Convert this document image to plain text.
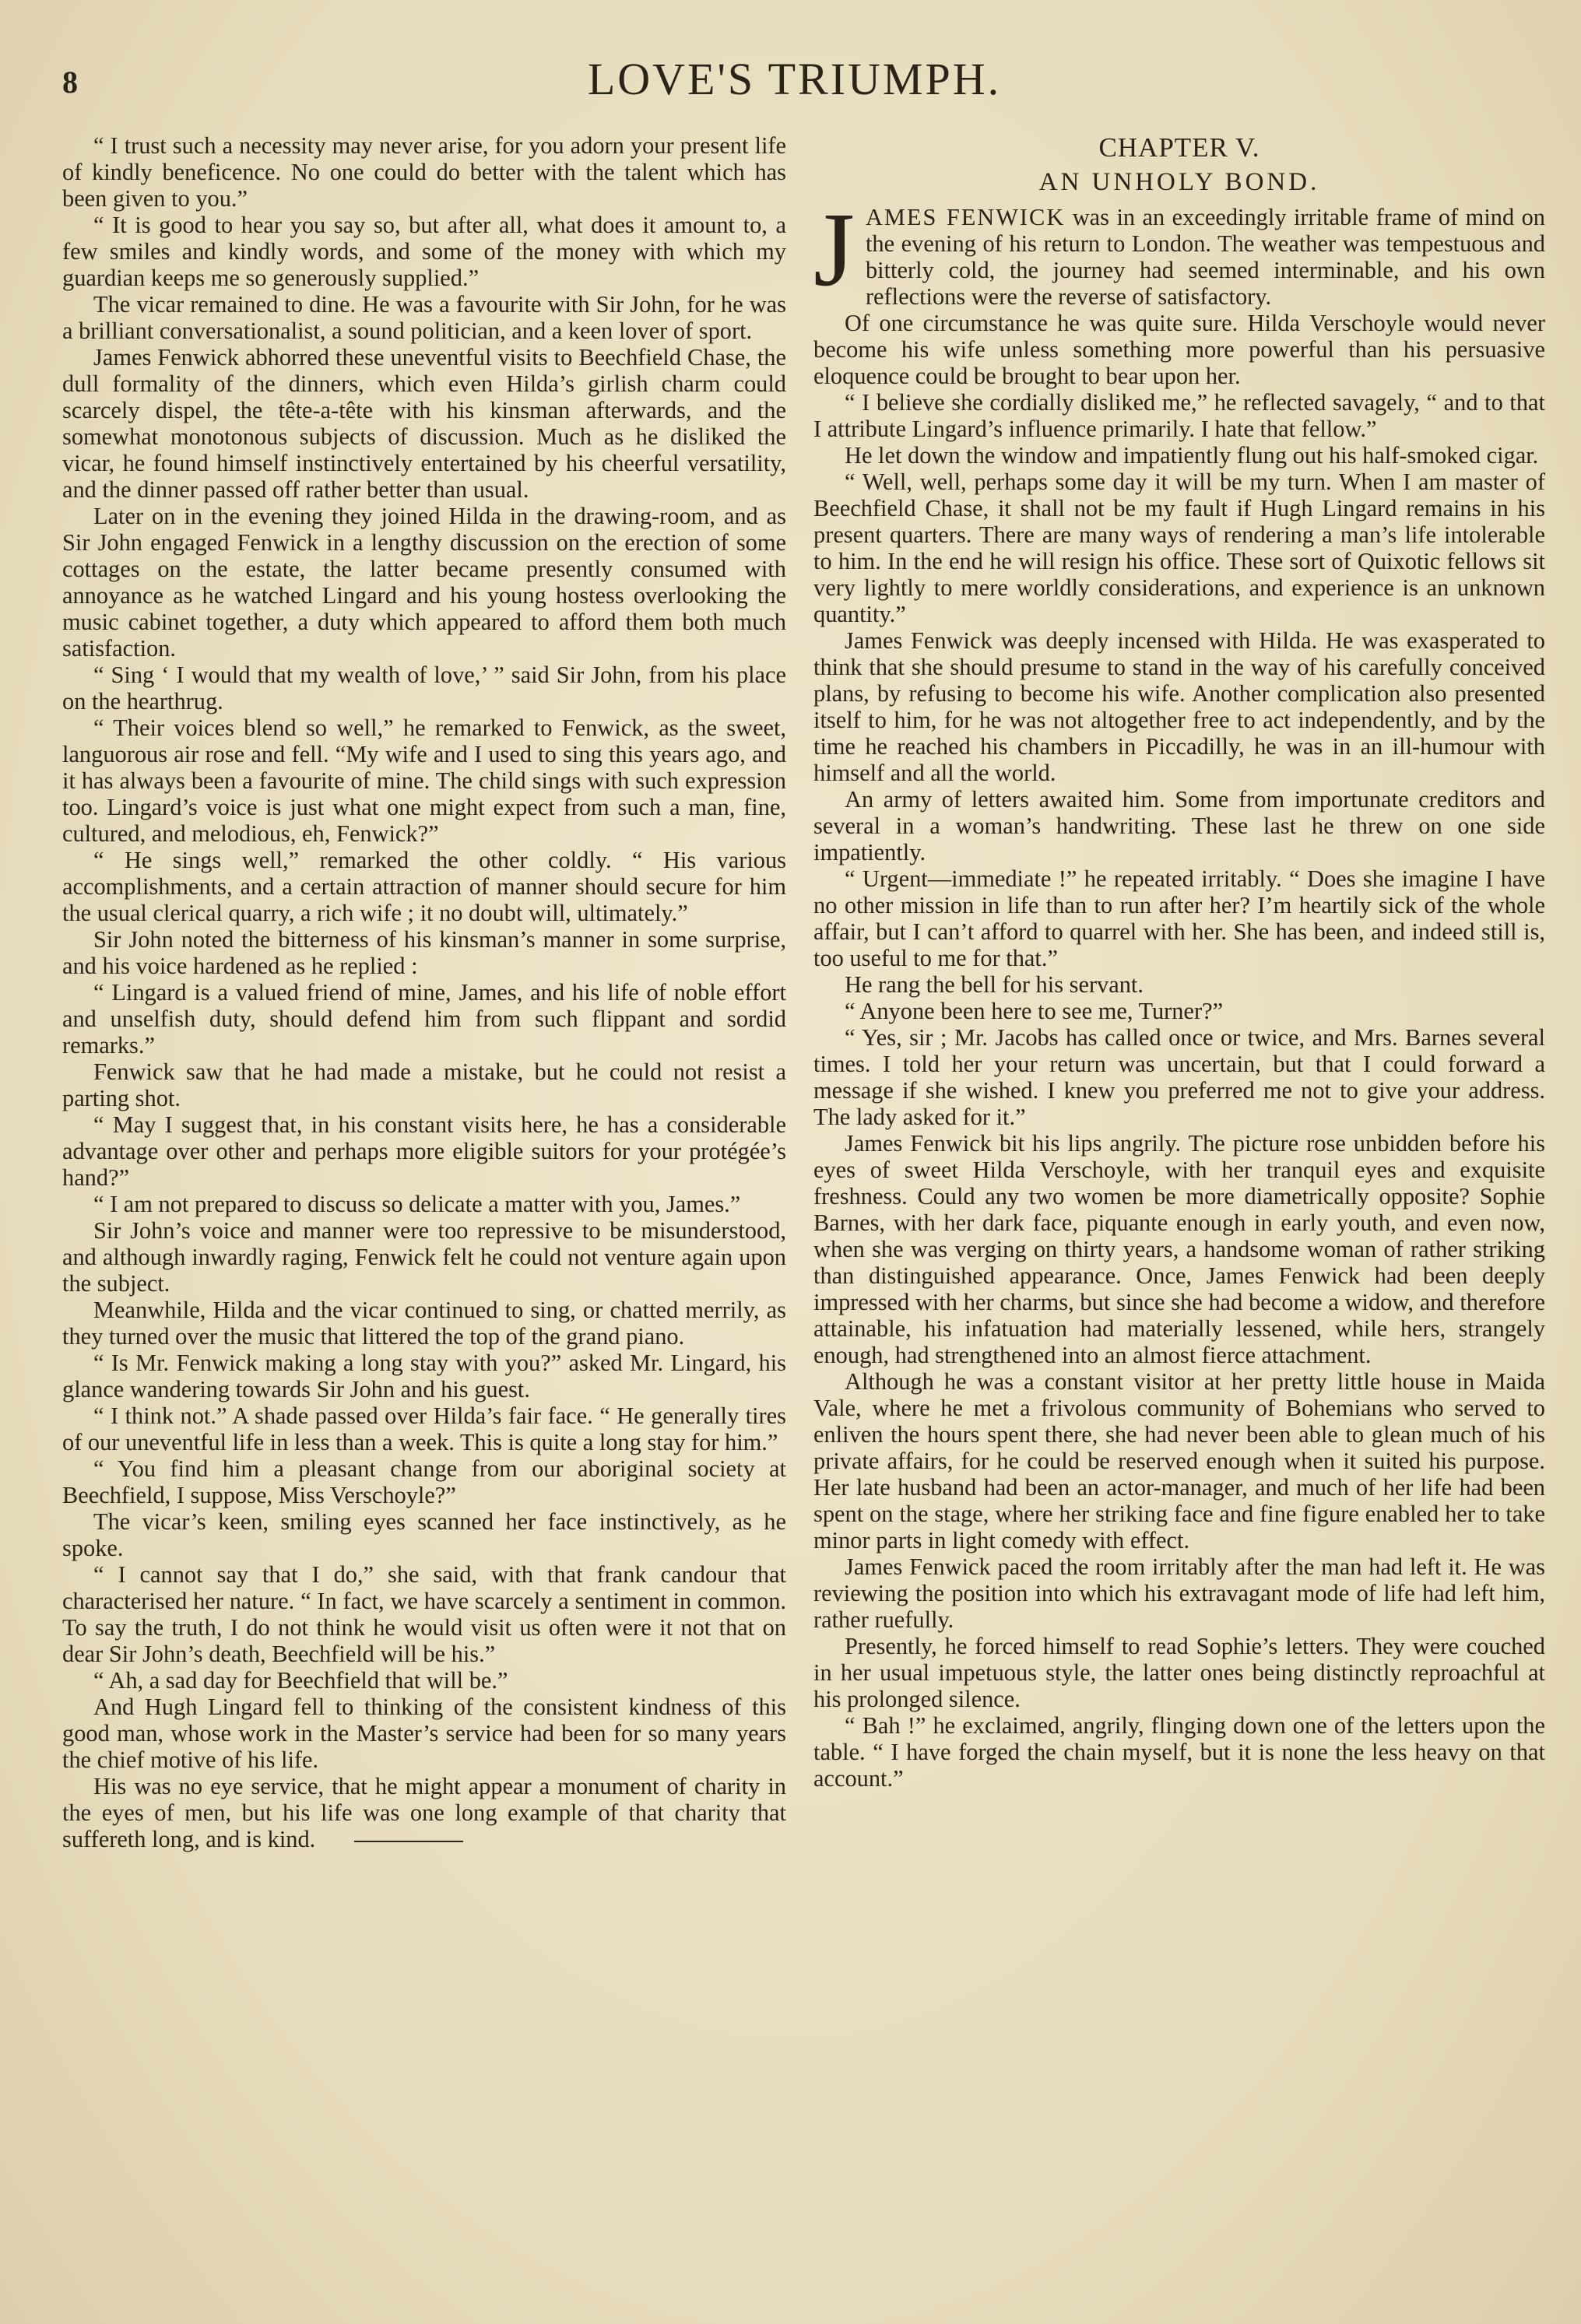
8	LOVE'S TRIUMPH.

“ I trust such a necessity may never arise, for you adorn your present life of kindly beneficence. No one could do better with the talent which has been given to you.”

“ It is good to hear you say so, but after all, what does it amount to, a few smiles and kindly words, and some of the money with which my guardian keeps me so generously supplied.”

The vicar remained to dine. He was a favourite with Sir John, for he was a brilliant conversationalist, a sound politician, and a keen lover of sport.

James Fenwick abhorred these uneventful visits to Beechfield Chase, the dull formality of the dinners, which even Hilda’s girlish charm could scarcely dispel, the tête-a-tête with his kinsman afterwards, and the somewhat monotonous subjects of discussion. Much as he disliked the vicar, he found himself instinctively entertained by his cheerful versatility, and the dinner passed off rather better than usual.

Later on in the evening they joined Hilda in the drawing-room, and as Sir John engaged Fenwick in a lengthy discussion on the erection of some cottages on the estate, the latter became presently consumed with annoyance as he watched Lingard and his young hostess overlooking the music cabinet together, a duty which appeared to afford them both much satisfaction.

“ Sing ‘ I would that my wealth of love,’ ” said Sir John, from his place on the hearthrug.

“ Their voices blend so well,” he remarked to Fenwick, as the sweet, languorous air rose and fell. “My wife and I used to sing this years ago, and it has always been a favourite of mine. The child sings with such expression too. Lingard’s voice is just what one might expect from such a man, fine, cultured, and melodious, eh, Fenwick?”

“ He sings well,” remarked the other coldly. “ His various accomplishments, and a certain attraction of manner should secure for him the usual clerical quarry, a rich wife ; it no doubt will, ultimately.”

Sir John noted the bitterness of his kinsman’s manner in some surprise, and his voice hardened as he replied :

“ Lingard is a valued friend of mine, James, and his life of noble effort and unselfish duty, should defend him from such flippant and sordid remarks.”

Fenwick saw that he had made a mistake, but he could not resist a parting shot.

“ May I suggest that, in his constant visits here, he has a considerable advantage over other and perhaps more eligible suitors for your protégée’s hand?”

“ I am not prepared to discuss so delicate a matter with you, James.”

Sir John’s voice and manner were too repressive to be misunderstood, and although inwardly raging, Fenwick felt he could not venture again upon the subject.

Meanwhile, Hilda and the vicar continued to sing, or chatted merrily, as they turned over the music that littered the top of the grand piano.

“ Is Mr. Fenwick making a long stay with you?” asked Mr. Lingard, his glance wandering towards Sir John and his guest.

“ I think not.” A shade passed over Hilda’s fair face. “ He generally tires of our uneventful life in less than a week. This is quite a long stay for him.”

“ You find him a pleasant change from our aboriginal society at Beechfield, I suppose, Miss Verschoyle?”

The vicar’s keen, smiling eyes scanned her face instinctively, as he spoke.

“ I cannot say that I do,” she said, with that frank candour that characterised her nature. “ In fact, we have scarcely a sentiment in common. To say the truth, I do not think he would visit us often were it not that on dear Sir John’s death, Beechfield will be his.”

“ Ah, a sad day for Beechfield that will be.”

And Hugh Lingard fell to thinking of the consistent kindness of this good man, whose work in the Master’s service had been for so many years the chief motive of his life.

His was no eye service, that he might appear a monument of charity in the eyes of men, but his life was one long example of that charity that suffereth long, and is kind.

CHAPTER V.
AN UNHOLY BOND.

JAMES FENWICK was in an exceedingly irritable frame of mind on the evening of his return to London. The weather was tempestuous and bitterly cold, the journey had seemed interminable, and his own reflections were the reverse of satisfactory.

Of one circumstance he was quite sure. Hilda Verschoyle would never become his wife unless something more powerful than his persuasive eloquence could be brought to bear upon her.

“ I believe she cordially disliked me,” he reflected savagely, “ and to that I attribute Lingard’s influence primarily. I hate that fellow.”

He let down the window and impatiently flung out his half-smoked cigar.

“ Well, well, perhaps some day it will be my turn. When I am master of Beechfield Chase, it shall not be my fault if Hugh Lingard remains in his present quarters. There are many ways of rendering a man’s life intolerable to him. In the end he will resign his office. These sort of Quixotic fellows sit very lightly to mere worldly considerations, and experience is an unknown quantity.”

James Fenwick was deeply incensed with Hilda. He was exasperated to think that she should presume to stand in the way of his carefully conceived plans, by refusing to become his wife. Another complication also presented itself to him, for he was not altogether free to act independently, and by the time he reached his chambers in Piccadilly, he was in an ill-humour with himself and all the world.

An army of letters awaited him. Some from importunate creditors and several in a woman’s handwriting. These last he threw on one side impatiently.

“ Urgent—immediate !” he repeated irritably. “ Does she imagine I have no other mission in life than to run after her? I’m heartily sick of the whole affair, but I can’t afford to quarrel with her. She has been, and indeed still is, too useful to me for that.”

He rang the bell for his servant.

“ Anyone been here to see me, Turner?”

“ Yes, sir ; Mr. Jacobs has called once or twice, and Mrs. Barnes several times. I told her your return was uncertain, but that I could forward a message if she wished. I knew you preferred me not to give your address. The lady asked for it.”

James Fenwick bit his lips angrily. The picture rose unbidden before his eyes of sweet Hilda Verschoyle, with her tranquil eyes and exquisite freshness. Could any two women be more diametrically opposite? Sophie Barnes, with her dark face, piquante enough in early youth, and even now, when she was verging on thirty years, a handsome woman of rather striking than distinguished appearance. Once, James Fenwick had been deeply impressed with her charms, but since she had become a widow, and therefore attainable, his infatuation had materially lessened, while hers, strangely enough, had strengthened into an almost fierce attachment.

Although he was a constant visitor at her pretty little house in Maida Vale, where he met a frivolous community of Bohemians who served to enliven the hours spent there, she had never been able to glean much of his private affairs, for he could be reserved enough when it suited his purpose. Her late husband had been an actor-manager, and much of her life had been spent on the stage, where her striking face and fine figure enabled her to take minor parts in light comedy with effect.

James Fenwick paced the room irritably after the man had left it. He was reviewing the position into which his extravagant mode of life had left him, rather ruefully.

Presently, he forced himself to read Sophie’s letters. They were couched in her usual impetuous style, the latter ones being distinctly reproachful at his prolonged silence.

“ Bah !” he exclaimed, angrily, flinging down one of the letters upon the table. “ I have forged the chain myself, but it is none the less heavy on that account.”
